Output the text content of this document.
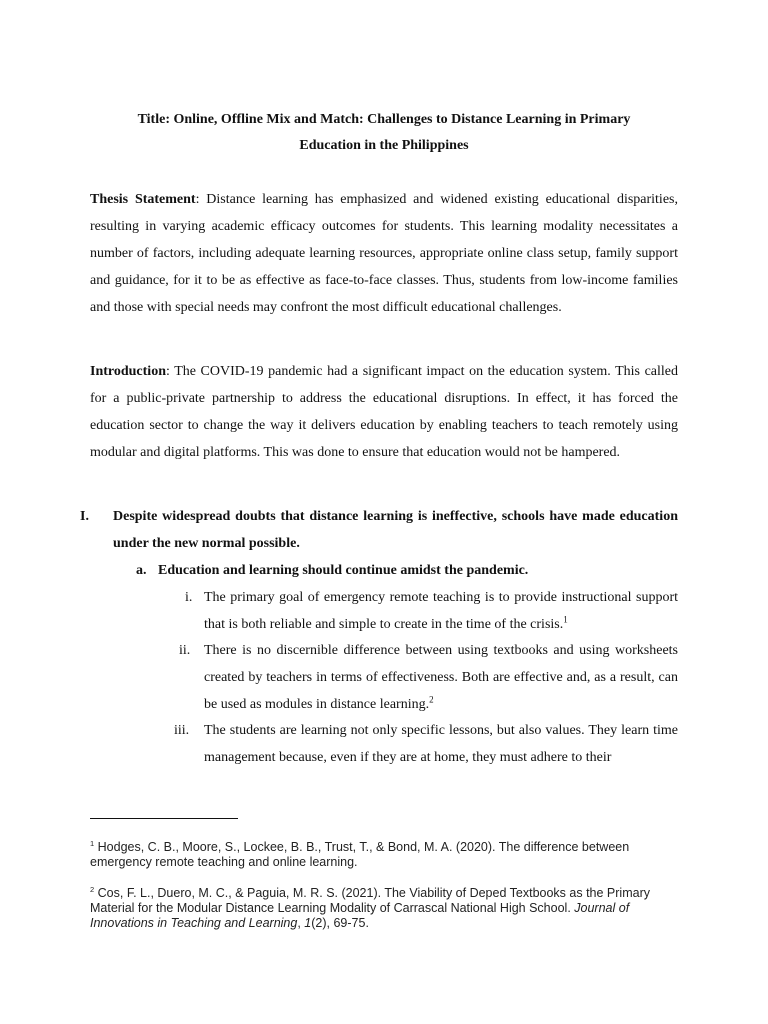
Title: Online, Offline Mix and Match: Challenges to Distance Learning in Primary
Education in the Philippines
Thesis Statement: Distance learning has emphasized and widened existing educational disparities, resulting in varying academic efficacy outcomes for students. This learning modality necessitates a number of factors, including adequate learning resources, appropriate online class setup, family support and guidance, for it to be as effective as face-to-face classes. Thus, students from low-income families and those with special needs may confront the most difficult educational challenges.
Introduction: The COVID-19 pandemic had a significant impact on the education system. This called for a public-private partnership to address the educational disruptions. In effect, it has forced the education sector to change the way it delivers education by enabling teachers to teach remotely using modular and digital platforms. This was done to ensure that education would not be hampered.
I. Despite widespread doubts that distance learning is ineffective, schools have made education under the new normal possible.
a. Education and learning should continue amidst the pandemic.
i. The primary goal of emergency remote teaching is to provide instructional support that is both reliable and simple to create in the time of the crisis.$^1$
ii. There is no discernible difference between using textbooks and using worksheets created by teachers in terms of effectiveness. Both are effective and, as a result, can be used as modules in distance learning.$^2$
iii. The students are learning not only specific lessons, but also values. They learn time management because, even if they are at home, they must adhere to their
$^1$ Hodges, C. B., Moore, S., Lockee, B. B., Trust, T., & Bond, M. A. (2020). The difference between emergency remote teaching and online learning.
$^2$ Cos, F. L., Duero, M. C., & Paguia, M. R. S. (2021). The Viability of Deped Textbooks as the Primary Material for the Modular Distance Learning Modality of Carrascal National High School. Journal of Innovations in Teaching and Learning, 1(2), 69-75.
